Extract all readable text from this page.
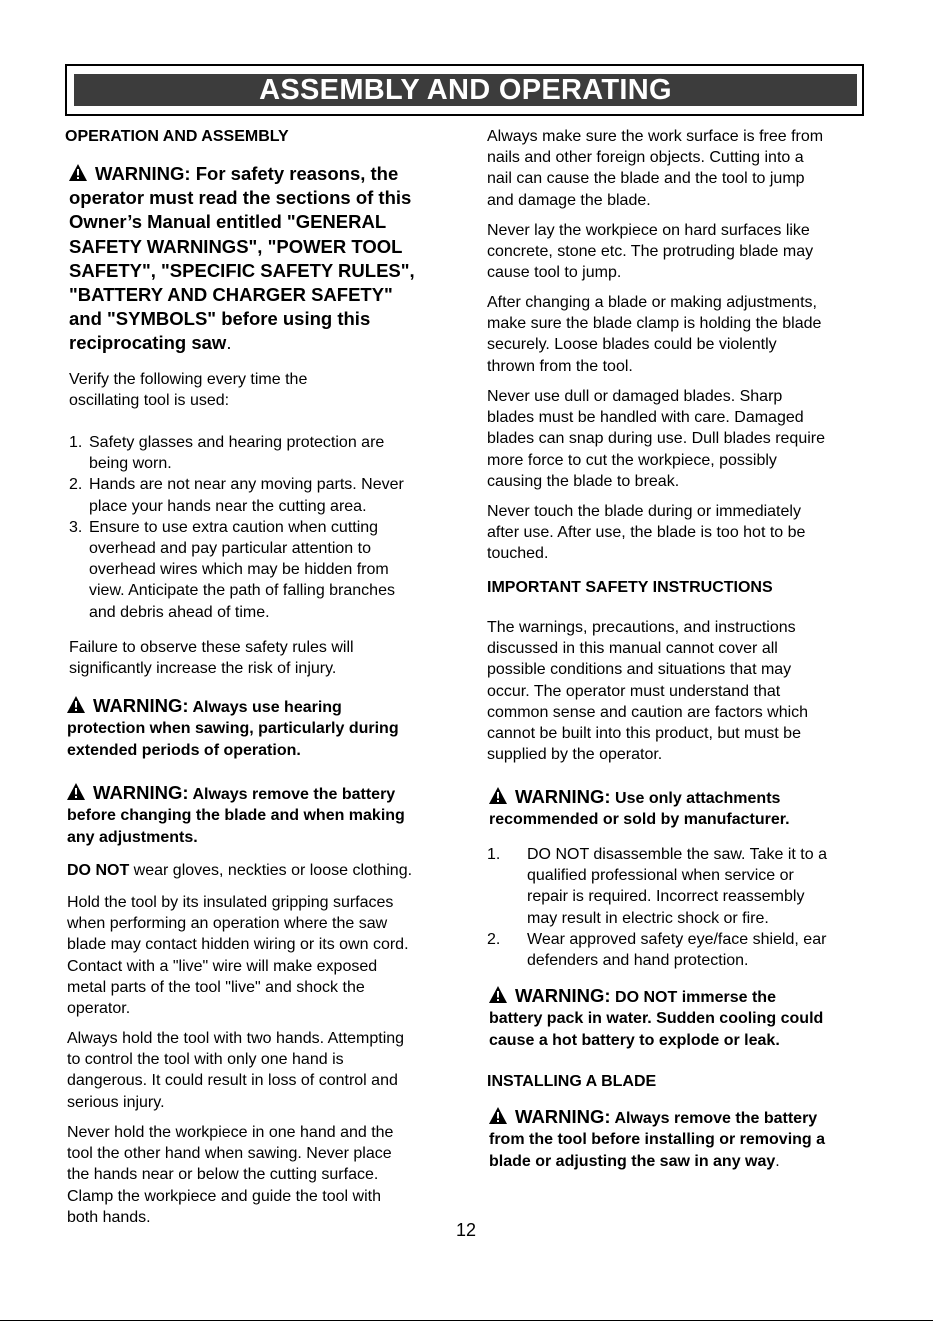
ASSEMBLY AND OPERATING
OPERATION AND ASSEMBLY
WARNING: For safety reasons, the
operator must read the sections of this
Owner’s Manual entitled "GENERAL
SAFETY WARNINGS", "POWER TOOL
SAFETY", "SPECIFIC SAFETY RULES",
"BATTERY AND CHARGER SAFETY"
and "SYMBOLS" before using this
reciprocating saw.

Verify the following every time the

oscillating tool is used:

1. Safety glasses and hearing protection are
being worn.
2. Hands are not near any moving parts. Never
place your hands near the cutting area.
3. Ensure to use extra caution when cutting
overhead and pay particular attention to
overhead wires which may be hidden from
view. Anticipate the path of falling branches
and debris ahead of time.

Failure to observe these safety rules will

significantly increase the risk of injury.

WARNING: Always use hearing
protection when sawing, particularly during
extended periods of operation.
WARNING: Always remove the battery
before changing the blade and when making
any adjustments.

DO NOT wear gloves, neckties or loose clothing.

Hold the tool by its insulated gripping surfaces

when performing an operation where the saw

blade may contact hidden wiring or its own cord.

Contact with a "live" wire will make exposed

metal parts of the tool "live" and shock the

operator.

Always hold the tool with two hands. Attempting

to control the tool with only one hand is

dangerous. It could result in loss of control and

serious injury.

Never hold the workpiece in one hand and the

tool the other hand when sawing. Never place

the hands near or below the cutting surface.

Clamp the workpiece and guide the tool with

both hands.

Always make sure the work surface is free from

nails and other foreign objects. Cutting into a

nail can cause the blade and the tool to jump

and damage the blade.

Never lay the workpiece on hard surfaces like

concrete, stone etc. The protruding blade may

cause tool to jump.

After changing a blade or making adjustments,

make sure the blade clamp is holding the blade

securely. Loose blades could be violently

thrown from the tool.

Never use dull or damaged blades. Sharp

blades must be handled with care. Damaged

blades can snap during use. Dull blades require

more force to cut the workpiece, possibly

causing the blade to break.

Never touch the blade during or immediately

after use. After use, the blade is too hot to be

touched.

IMPORTANT SAFETY INSTRUCTIONS

The warnings, precautions, and instructions

discussed in this manual cannot cover all

possible conditions and situations that may

occur. The operator must understand that

common sense and caution are factors which

cannot be built into this product, but must be

supplied by the operator.

WARNING: Use only attachments
recommended or sold by manufacturer.
1. DO NOT disassemble the saw. Take it to a
qualified professional when service or
repair is required. Incorrect reassembly
may result in electric shock or fire.
2. Wear approved safety eye/face shield, ear
defenders and hand protection.
WARNING: DO NOT immerse the
battery pack in water. Sudden cooling could
cause a hot battery to explode or leak.
INSTALLING A BLADE
WARNING: Always remove the battery
from the tool before installing or removing a
blade or adjusting the saw in any way.
12
